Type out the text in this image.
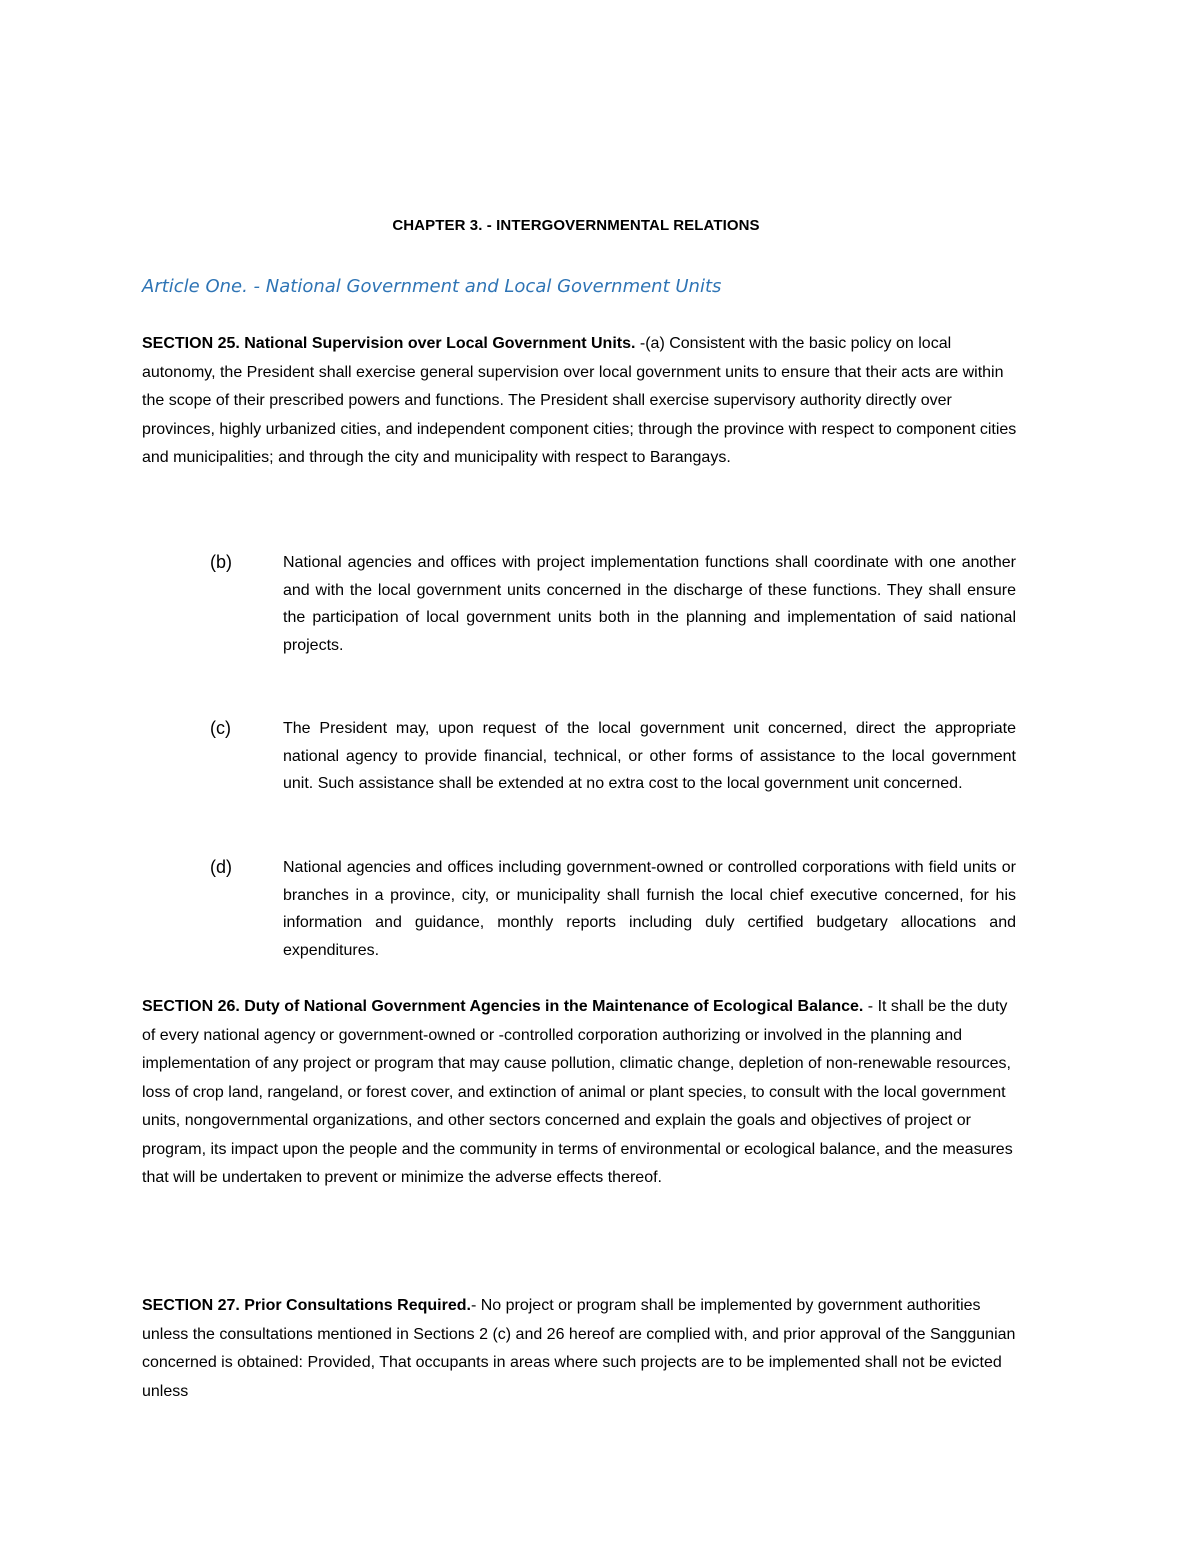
CHAPTER 3. - INTERGOVERNMENTAL RELATIONS
Article One. - National Government and Local Government Units
SECTION 25. National Supervision over Local Government Units. -(a) Consistent with the basic policy on local autonomy, the President shall exercise general supervision over local government units to ensure that their acts are within the scope of their prescribed powers and functions. The President shall exercise supervisory authority directly over provinces, highly urbanized cities, and independent component cities; through the province with respect to component cities and municipalities; and through the city and municipality with respect to Barangays.
(b)	National agencies and offices with project implementation functions shall coordinate with one another and with the local government units concerned in the discharge of these functions. They shall ensure the participation of local government units both in the planning and implementation of said national projects.
(c)	The President may, upon request of the local government unit concerned, direct the appropriate national agency to provide financial, technical, or other forms of assistance to the local government unit. Such assistance shall be extended at no extra cost to the local government unit concerned.
(d)	National agencies and offices including government-owned or controlled corporations with field units or branches in a province, city, or municipality shall furnish the local chief executive concerned, for his information and guidance, monthly reports including duly certified budgetary allocations and expenditures.
SECTION 26. Duty of National Government Agencies in the Maintenance of Ecological Balance. - It shall be the duty of every national agency or government-owned or -controlled corporation authorizing or involved in the planning and implementation of any project or program that may cause pollution, climatic change, depletion of non-renewable resources, loss of crop land, rangeland, or forest cover, and extinction of animal or plant species, to consult with the local government units, nongovernmental organizations, and other sectors concerned and explain the goals and objectives of project or program, its impact upon the people and the community in terms of environmental or ecological balance, and the measures that will be undertaken to prevent or minimize the adverse effects thereof.
SECTION 27. Prior Consultations Required.- No project or program shall be implemented by government authorities unless the consultations mentioned in Sections 2 (c) and 26 hereof are complied with, and prior approval of the Sanggunian concerned is obtained: Provided, That occupants in areas where such projects are to be implemented shall not be evicted unless
